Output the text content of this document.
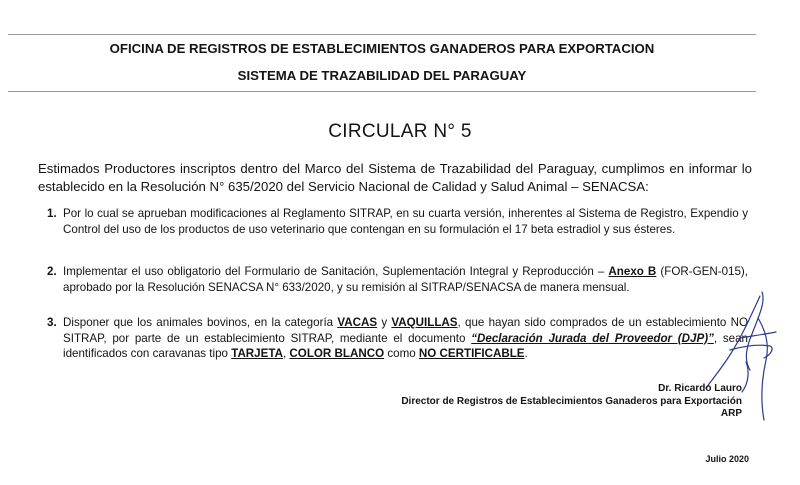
OFICINA DE REGISTROS DE ESTABLECIMIENTOS GANADEROS PARA EXPORTACION
SISTEMA DE TRAZABILIDAD DEL PARAGUAY
CIRCULAR N° 5
Estimados Productores inscriptos dentro del Marco del Sistema de Trazabilidad del Paraguay, cumplimos en informar lo establecido en la Resolución N° 635/2020 del Servicio Nacional de Calidad y Salud Animal – SENACSA:
1. Por lo cual se aprueban modificaciones al Reglamento SITRAP, en su cuarta versión, inherentes al Sistema de Registro, Expendio y Control del uso de los productos de uso veterinario que contengan en su formulación el 17 beta estradiol y sus ésteres.
2. Implementar el uso obligatorio del Formulario de Sanitación, Suplementación Integral y Reproducción – Anexo B (FOR-GEN-015), aprobado por la Resolución SENACSA N° 633/2020, y su remisión al SITRAP/SENACSA de manera mensual.
3. Disponer que los animales bovinos, en la categoría VACAS y VAQUILLAS, que hayan sido comprados de un establecimiento NO SITRAP, por parte de un establecimiento SITRAP, mediante el documento “Declaración Jurada del Proveedor (DJP)”, sean identificados con caravanas tipo TARJETA, COLOR BLANCO como NO CERTIFICABLE.
Dr. Ricardo Lauro
Director de Registros de Establecimientos Ganaderos para Exportación
ARP
Julio 2020
